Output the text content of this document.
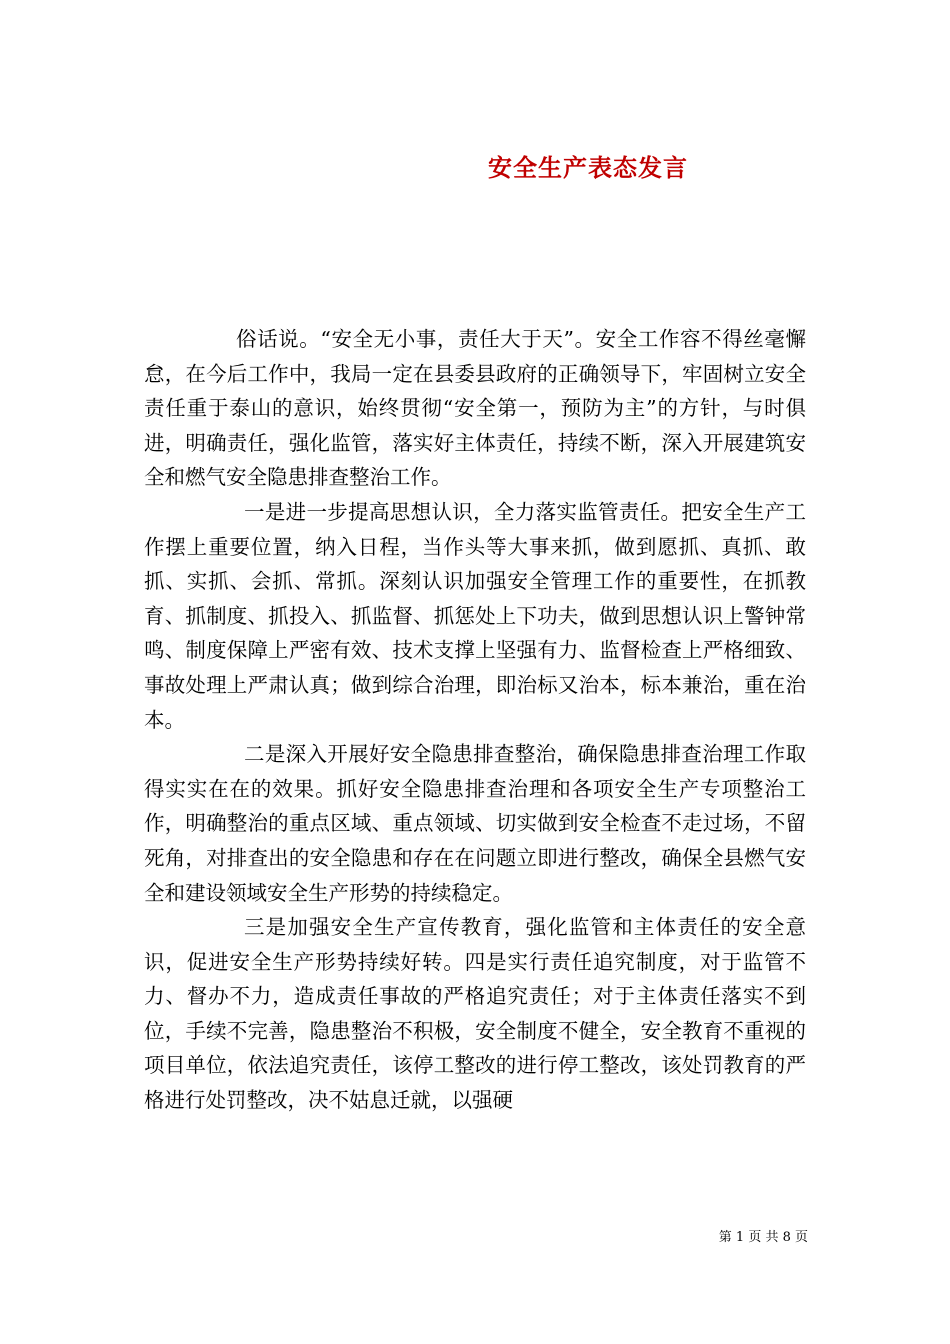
安全生产表态发言

俗话说。“安全无小事，责任大于天”。安全工作容不得丝毫懈怠，在今后工作中，我局一定在县委县政府的正确领导下，牢固树立安全责任重于泰山的意识，始终贯彻“安全第一，预防为主”的方针，与时俱进，明确责任，强化监管，落实好主体责任，持续不断，深入开展建筑安全和燃气安全隐患排查整治工作。

一是进一步提高思想认识，全力落实监管责任。把安全生产工作摆上重要位置，纳入日程，当作头等大事来抓，做到愿抓、真抓、敢抓、实抓、会抓、常抓。深刻认识加强安全管理工作的重要性，在抓教育、抓制度、抓投入、抓监督、抓惩处上下功夫，做到思想认识上警钟常鸣、制度保障上严密有效、技术支撑上坚强有力、监督检查上严格细致、事故处理上严肃认真；做到综合治理，即治标又治本，标本兼治，重在治本。

二是深入开展好安全隐患排查整治，确保隐患排查治理工作取得实实在在的效果。抓好安全隐患排查治理和各项安全生产专项整治工作，明确整治的重点区域、重点领域、切实做到安全检查不走过场，不留死角，对排查出的安全隐患和存在在问题立即进行整改，确保全县燃气安全和建设领域安全生产形势的持续稳定。

三是加强安全生产宣传教育，强化监管和主体责任的安全意识，促进安全生产形势持续好转。四是实行责任追究制度，对于监管不力、督办不力，造成责任事故的严格追究责任；对于主体责任落实不到位，手续不完善，隐患整治不积极，安全制度不健全，安全教育不重视的项目单位，依法追究责任，该停工整改的进行停工整改，该处罚教育的严格进行处罚整改，决不姑息迁就，以强硬

第 1 页 共 8 页
